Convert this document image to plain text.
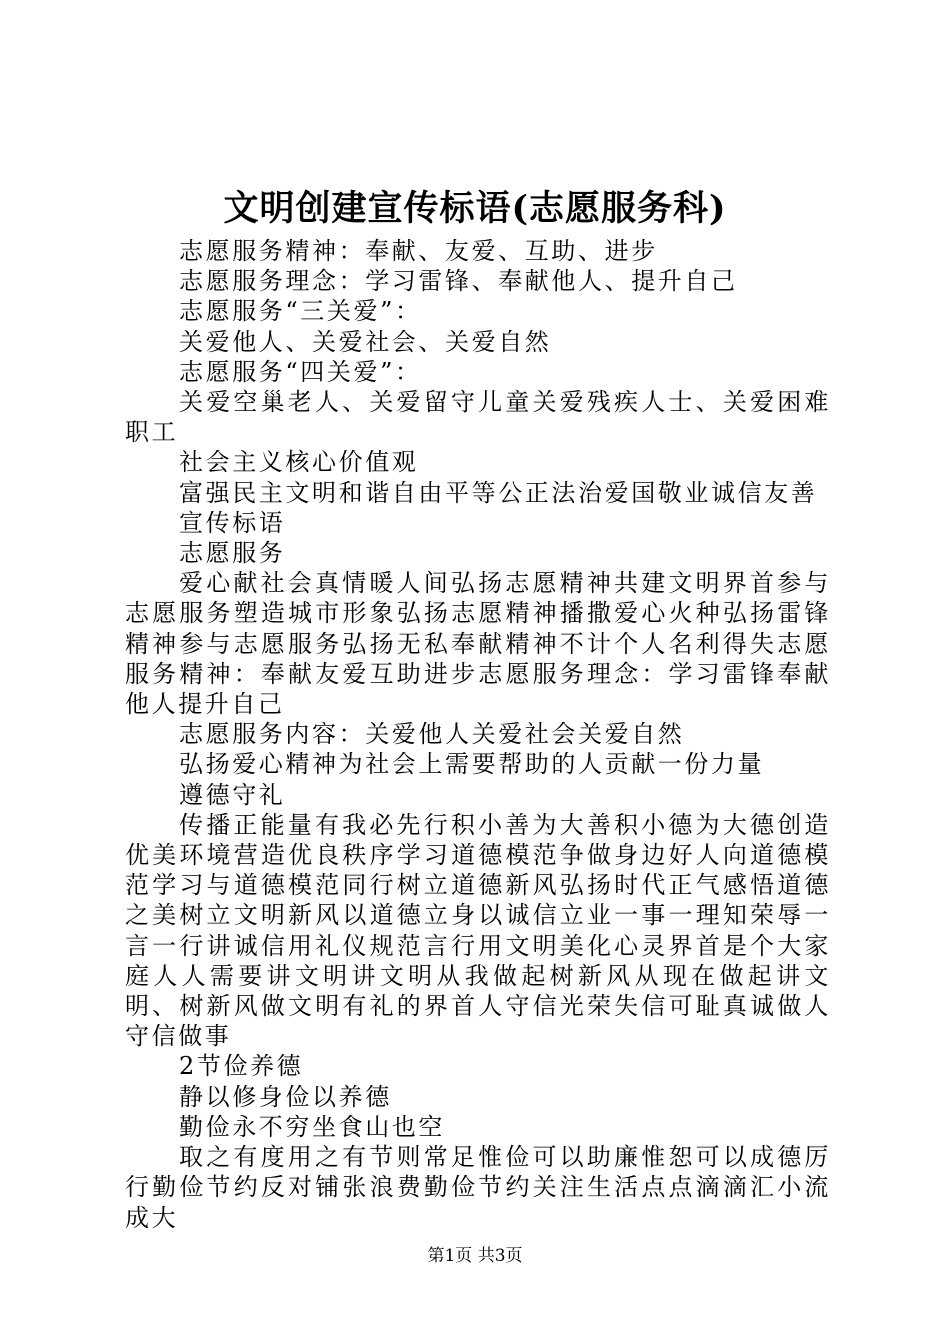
文明创建宣传标语(志愿服务科)

志愿服务精神：奉献、友爱、互助、进步

志愿服务理念：学习雷锋、奉献他人、提升自己

志愿服务“三关爱”：

关爱他人、关爱社会、关爱自然

志愿服务“四关爱”：

关爱空巢老人、关爱留守儿童关爱残疾人士、关爱困难职工

社会主义核心价值观

富强民主文明和谐自由平等公正法治爱国敬业诚信友善

宣传标语

志愿服务

爱心献社会真情暖人间弘扬志愿精神共建文明界首参与志愿服务塑造城市形象弘扬志愿精神播撒爱心火种弘扬雷锋精神参与志愿服务弘扬无私奉献精神不计个人名利得失志愿服务精神：奉献友爱互助进步志愿服务理念：学习雷锋奉献他人提升自己

志愿服务内容：关爱他人关爱社会关爱自然

弘扬爱心精神为社会上需要帮助的人贡献一份力量

遵德守礼

传播正能量有我必先行积小善为大善积小德为大德创造优美环境营造优良秩序学习道德模范争做身边好人向道德模范学习与道德模范同行树立道德新风弘扬时代正气感悟道德之美树立文明新风以道德立身以诚信立业一事一理知荣辱一言一行讲诚信用礼仪规范言行用文明美化心灵界首是个大家庭人人需要讲文明讲文明从我做起树新风从现在做起讲文明、树新风做文明有礼的界首人守信光荣失信可耻真诚做人守信做事

2节俭养德

静以修身俭以养德

勤俭永不穷坐食山也空

取之有度用之有节则常足惟俭可以助廉惟恕可以成德厉行勤俭节约反对铺张浪费勤俭节约关注生活点点滴滴汇小流成大

第1页 共3页
